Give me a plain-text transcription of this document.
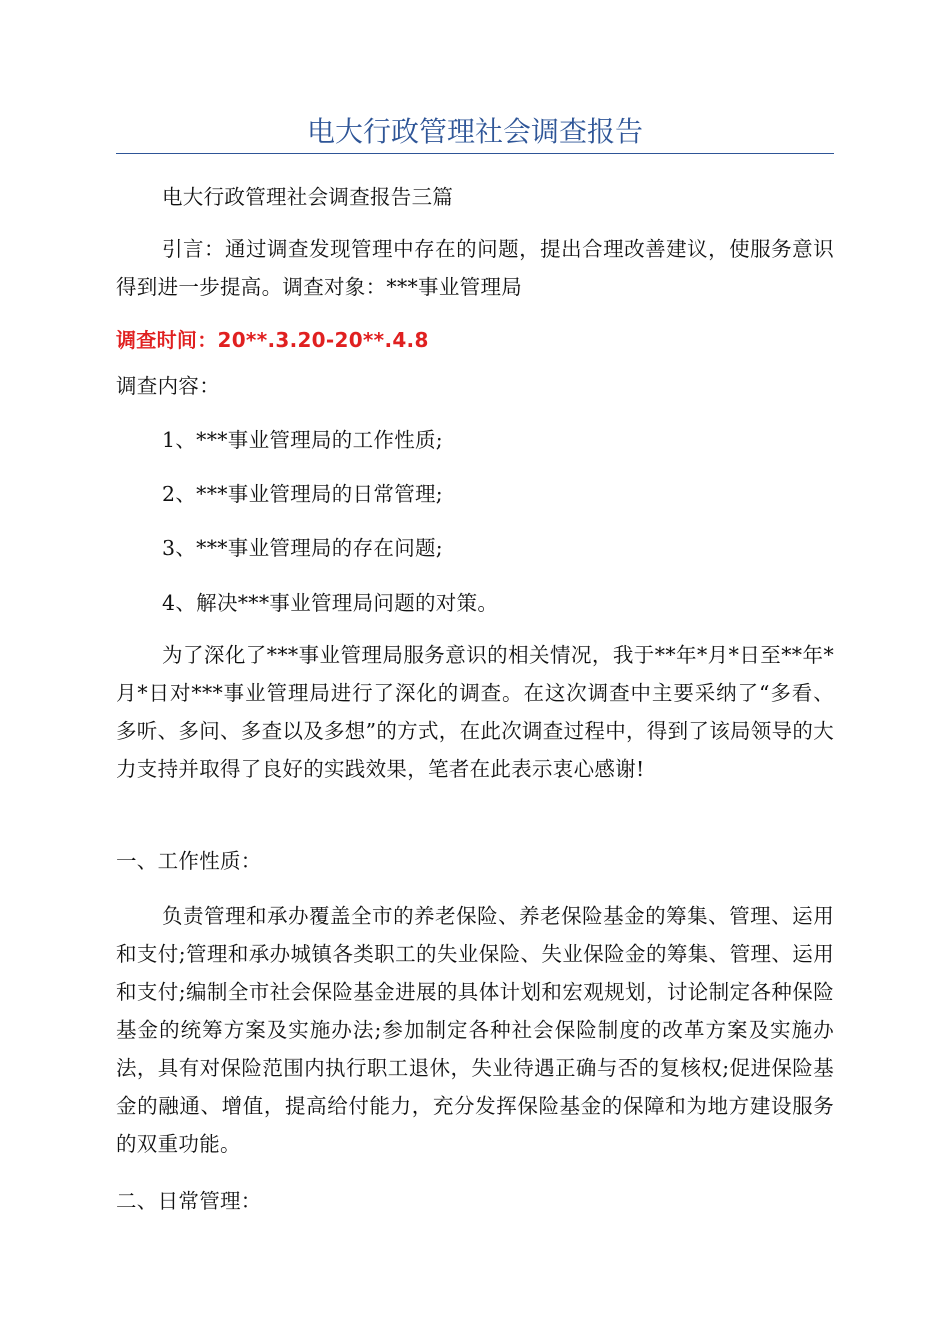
电大行政管理社会调查报告

电大行政管理社会调查报告三篇

引言：通过调查发现管理中存在的问题，提出合理改善建议，使服务意识得到进一步提高。调查对象：***事业管理局

调查时间：20**.3.20-20**.4.8

调查内容：

1、***事业管理局的工作性质;

2、***事业管理局的日常管理;

3、***事业管理局的存在问题;

4、解决***事业管理局问题的对策。

为了深化了***事业管理局服务意识的相关情况，我于**年*月*日至**年*月*日对***事业管理局进行了深化的调查。在这次调查中主要采纳了“多看、多听、多问、多查以及多想”的方式，在此次调查过程中，得到了该局领导的大力支持并取得了良好的实践效果，笔者在此表示衷心感谢!

一、工作性质：

负责管理和承办覆盖全市的养老保险、养老保险基金的筹集、管理、运用和支付;管理和承办城镇各类职工的失业保险、失业保险金的筹集、管理、运用和支付;编制全市社会保险基金进展的具体计划和宏观规划，讨论制定各种保险基金的统筹方案及实施办法;参加制定各种社会保险制度的改革方案及实施办法，具有对保险范围内执行职工退休，失业待遇正确与否的复核权;促进保险基金的融通、增值，提高给付能力，充分发挥保险基金的保障和为地方建设服务的双重功能。

二、日常管理：
